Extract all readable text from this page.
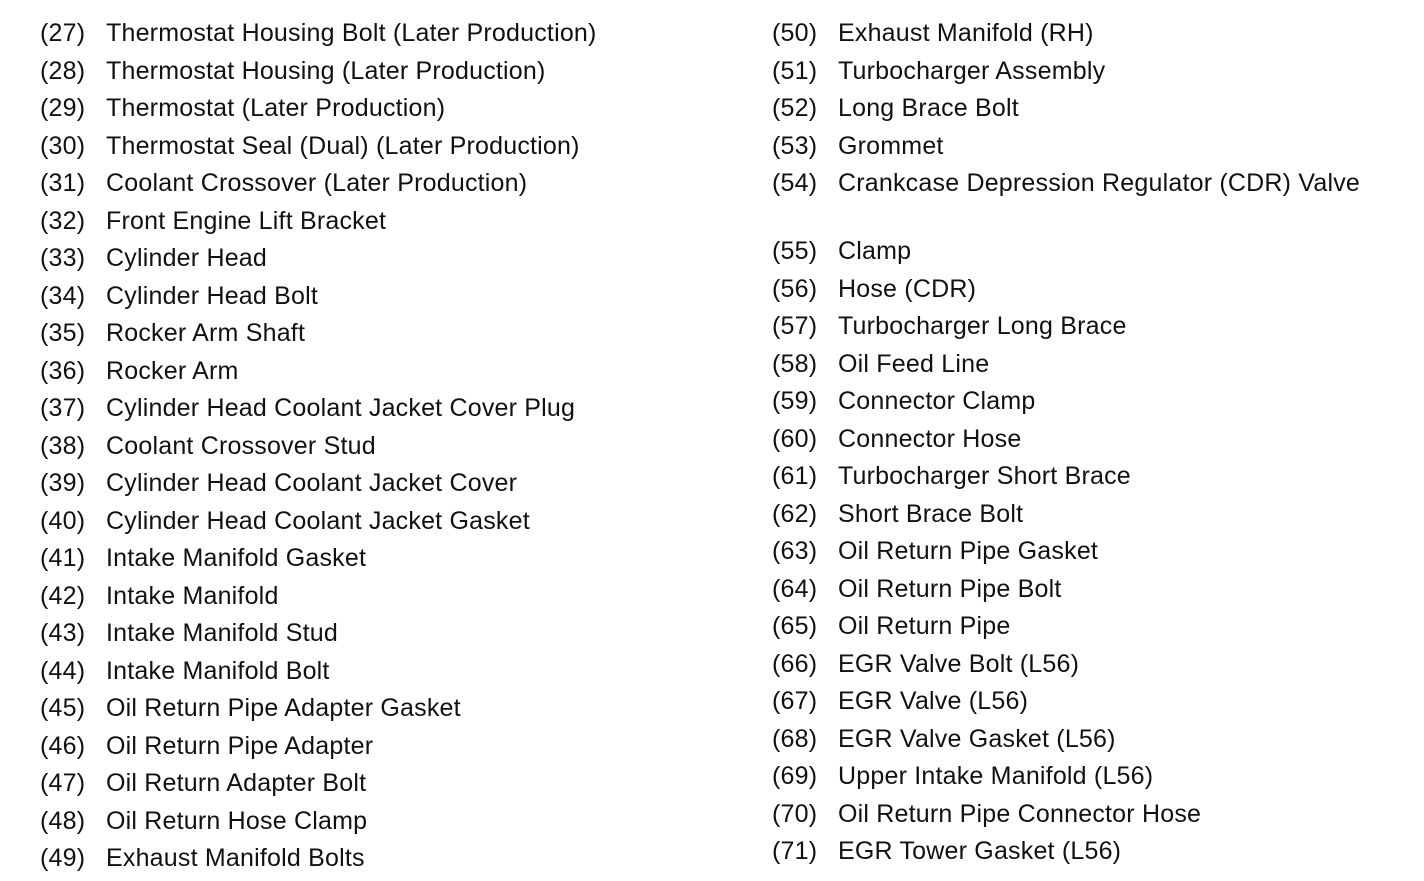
(27) Thermostat Housing Bolt (Later Production)
(28) Thermostat Housing (Later Production)
(29) Thermostat (Later Production)
(30) Thermostat Seal (Dual) (Later Production)
(31) Coolant Crossover (Later Production)
(32) Front Engine Lift Bracket
(33) Cylinder Head
(34) Cylinder Head Bolt
(35) Rocker Arm Shaft
(36) Rocker Arm
(37) Cylinder Head Coolant Jacket Cover Plug
(38) Coolant Crossover Stud
(39) Cylinder Head Coolant Jacket Cover
(40) Cylinder Head Coolant Jacket Gasket
(41) Intake Manifold Gasket
(42) Intake Manifold
(43) Intake Manifold Stud
(44) Intake Manifold Bolt
(45) Oil Return Pipe Adapter Gasket
(46) Oil Return Pipe Adapter
(47) Oil Return Adapter Bolt
(48) Oil Return Hose Clamp
(49) Exhaust Manifold Bolts
(50) Exhaust Manifold (RH)
(51) Turbocharger Assembly
(52) Long Brace Bolt
(53) Grommet
(54) Crankcase Depression Regulator (CDR) Valve
(55) Clamp
(56) Hose (CDR)
(57) Turbocharger Long Brace
(58) Oil Feed Line
(59) Connector Clamp
(60) Connector Hose
(61) Turbocharger Short Brace
(62) Short Brace Bolt
(63) Oil Return Pipe Gasket
(64) Oil Return Pipe Bolt
(65) Oil Return Pipe
(66) EGR Valve Bolt (L56)
(67) EGR Valve (L56)
(68) EGR Valve Gasket (L56)
(69) Upper Intake Manifold (L56)
(70) Oil Return Pipe Connector Hose
(71) EGR Tower Gasket (L56)
